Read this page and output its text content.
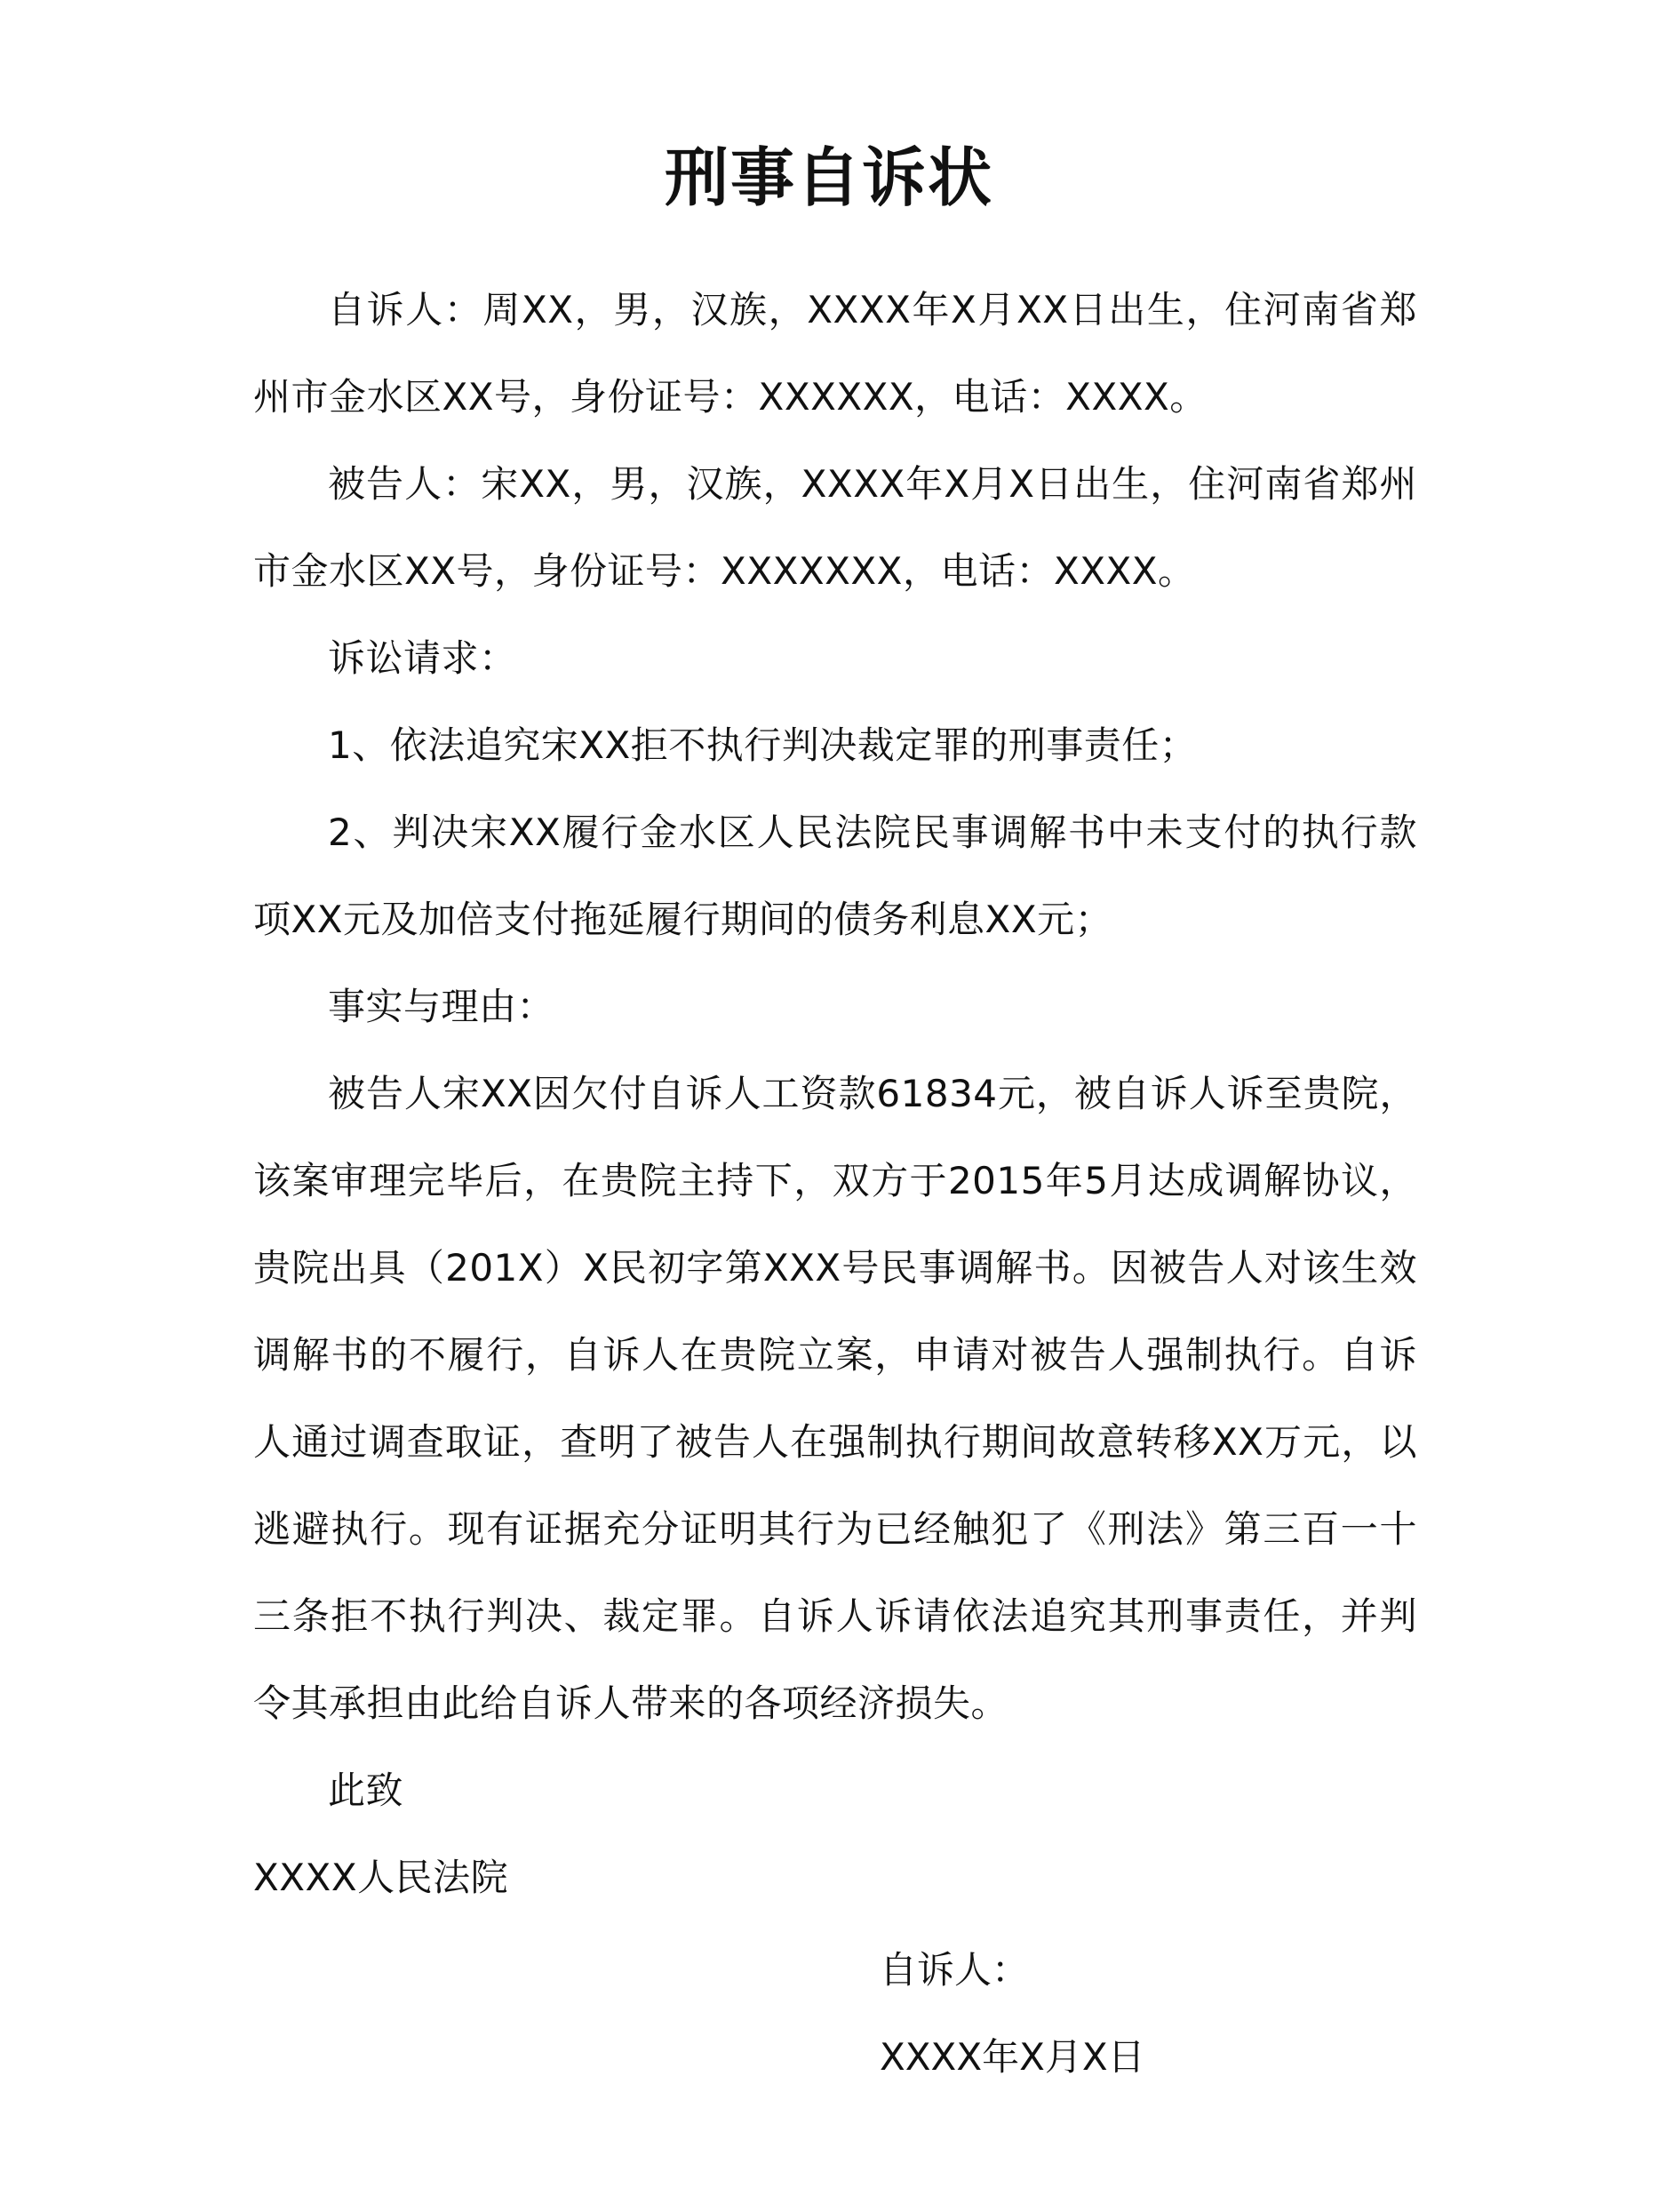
刑事自诉状

自诉人：周XX，男，汉族，XXXX年X月XX日出生，住河南省郑州市金水区XX号，身份证号：XXXXXX，电话：XXXX。

被告人：宋XX，男，汉族，XXXX年X月X日出生，住河南省郑州市金水区XX号，身份证号：XXXXXXX，电话：XXXX。

诉讼请求：

1、依法追究宋XX拒不执行判决裁定罪的刑事责任；

2、判决宋XX履行金水区人民法院民事调解书中未支付的执行款项XX元及加倍支付拖延履行期间的债务利息XX元；

事实与理由：

被告人宋XX因欠付自诉人工资款61834元，被自诉人诉至贵院，该案审理完毕后，在贵院主持下，双方于2015年5月达成调解协议，贵院出具（201X）X民初字第XXX号民事调解书。因被告人对该生效调解书的不履行，自诉人在贵院立案，申请对被告人强制执行。自诉人通过调查取证，查明了被告人在强制执行期间故意转移XX万元，以逃避执行。现有证据充分证明其行为已经触犯了《刑法》第三百一十三条拒不执行判决、裁定罪。自诉人诉请依法追究其刑事责任，并判令其承担由此给自诉人带来的各项经济损失。

此致

XXXX人民法院

自诉人：
XXXX年X月X日
